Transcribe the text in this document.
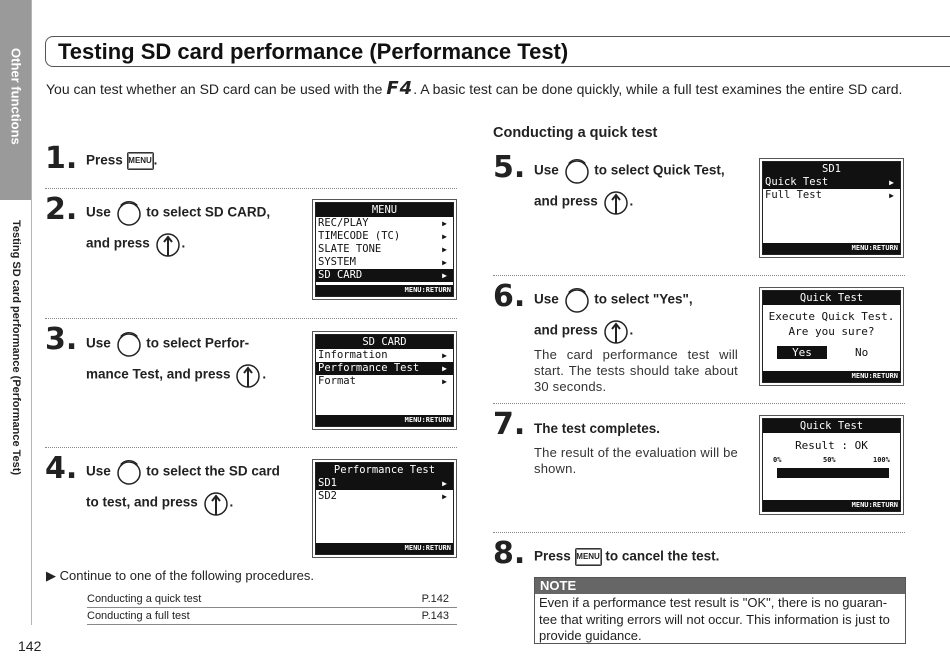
Other functions
Testing SD card performance (Performance Test)
Testing SD card performance (Performance Test)
You can test whether an SD card can be used with the F4. A basic test can be done quickly, while a full test examines the entire SD card.
1. Press MENU .
2. Use	to select SD CARD,
and press .
MENU
REC/PLAY	▶
TIMECODE (TC)	▶
SLATE TONE	▶
SYSTEM	▶
SD CARD	▶
MENU:RETURN
3. Use	to select Perfor-
mance Test, and press .
SD CARD
Information	▶
Performance Test	▶
Format	▶
MENU:RETURN
4. Use	to select the SD card
to test, and press .
Performance Test
SD1	▶
SD2	▶
MENU:RETURN
▶ Continue to one of the following procedures.
Conducting a quick test	P.142
Conducting a full test	P.143
Conducting a quick test
5. Use	to select Quick Test,
and press .
SD1
Quick Test	▶
Full Test	▶
MENU:RETURN
6. Use	to select "Yes",
and press .
The card performance test will start. The tests should take about 30 seconds.
Quick Test
Execute Quick Test.
Are you sure?
Yes	No
MENU:RETURN
7. The test completes.
The result of the evaluation will be shown.
Quick Test
Result : OK
0%	50%	100%
MENU:RETURN
8. Press MENU to cancel the test.
NOTE
Even if a performance test result is "OK", there is no guaran-tee that writing errors will not occur. This information is just to provide guidance.
142
